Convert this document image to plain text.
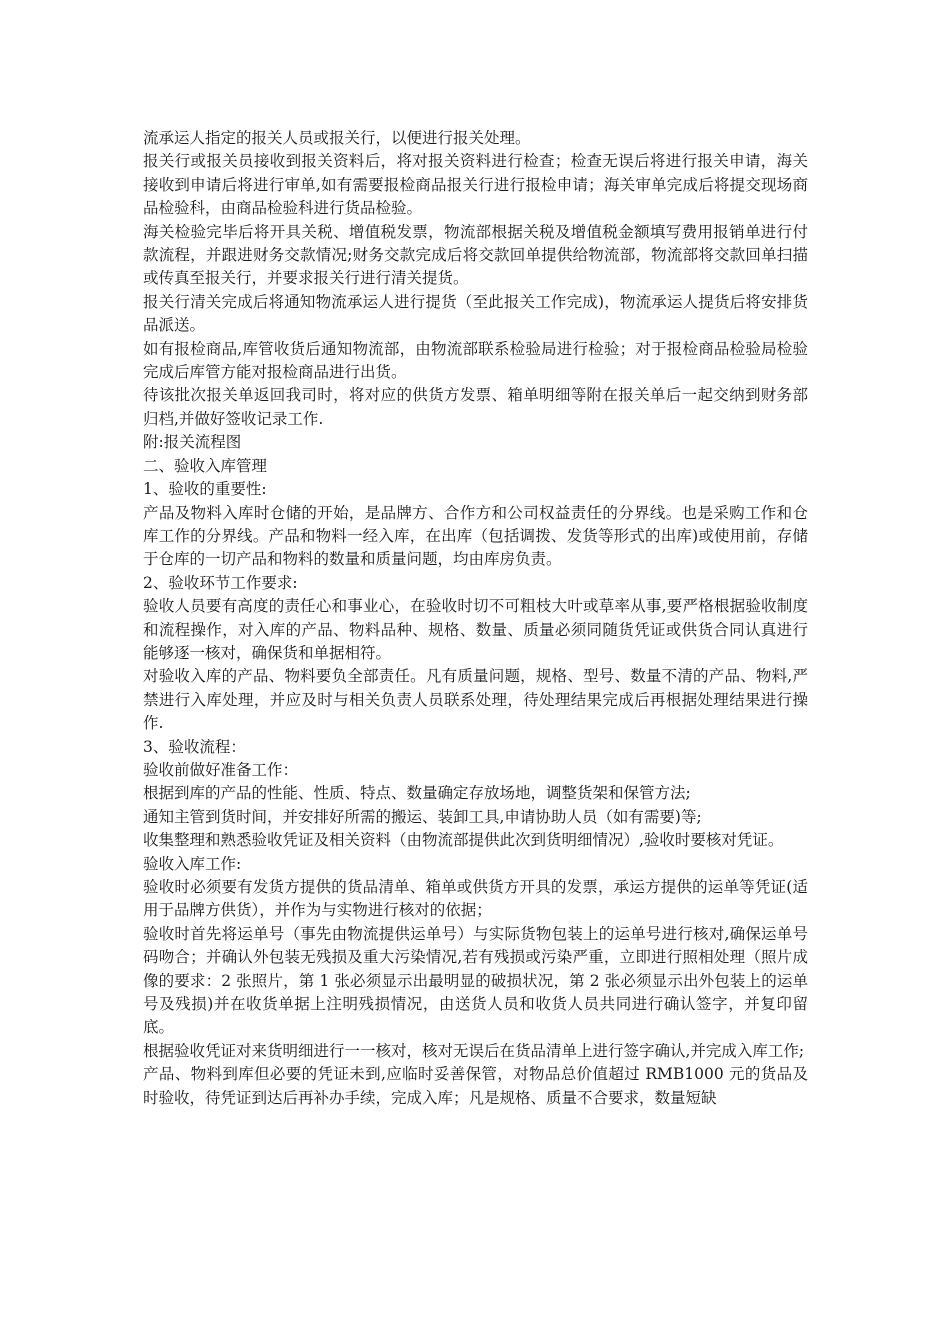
流承运人指定的报关人员或报关行，以便进行报关处理。

报关行或报关员接收到报关资料后，将对报关资料进行检查；检查无误后将进行报关申请，海关接收到申请后将进行审单,如有需要报检商品报关行进行报检申请；海关审单完成后将提交现场商品检验科，由商品检验科进行货品检验。

海关检验完毕后将开具关税、增值税发票，物流部根据关税及增值税金额填写费用报销单进行付款流程，并跟进财务交款情况;财务交款完成后将交款回单提供给物流部，物流部将交款回单扫描或传真至报关行，并要求报关行进行清关提货。

报关行清关完成后将通知物流承运人进行提货（至此报关工作完成)，物流承运人提货后将安排货品派送。

如有报检商品,库管收货后通知物流部，由物流部联系检验局进行检验；对于报检商品检验局检验完成后库管方能对报检商品进行出货。

待该批次报关单返回我司时，将对应的供货方发票、箱单明细等附在报关单后一起交纳到财务部归档,并做好签收记录工作.

附:报关流程图

二、验收入库管理

1、验收的重要性:

产品及物料入库时仓储的开始，是品牌方、合作方和公司权益责任的分界线。也是采购工作和仓库工作的分界线。产品和物料一经入库，在出库（包括调拨、发货等形式的出库)或使用前，存储于仓库的一切产品和物料的数量和质量问题，均由库房负责。

2、验收环节工作要求:

验收人员要有高度的责任心和事业心，在验收时切不可粗枝大叶或草率从事,要严格根据验收制度和流程操作，对入库的产品、物料品种、规格、数量、质量必须同随货凭证或供货合同认真进行能够逐一核对，确保货和单据相符。

对验收入库的产品、物料要负全部责任。凡有质量问题，规格、型号、数量不清的产品、物料,严禁进行入库处理，并应及时与相关负责人员联系处理，待处理结果完成后再根据处理结果进行操作.

3、验收流程：

验收前做好准备工作：

根据到库的产品的性能、性质、特点、数量确定存放场地，调整货架和保管方法;

通知主管到货时间，并安排好所需的搬运、装卸工具,申请协助人员（如有需要)等;

收集整理和熟悉验收凭证及相关资料（由物流部提供此次到货明细情况）,验收时要核对凭证。

验收入库工作:

验收时必须要有发货方提供的货品清单、箱单或供货方开具的发票，承运方提供的运单等凭证(适用于品牌方供货），并作为与实物进行核对的依据；

验收时首先将运单号（事先由物流提供运单号）与实际货物包装上的运单号进行核对,确保运单号码吻合；并确认外包装无残损及重大污染情况,若有残损或污染严重，立即进行照相处理（照片成像的要求：2 张照片，第 1 张必须显示出最明显的破损状况，第 2 张必须显示出外包装上的运单号及残损)并在收货单据上注明残损情况，由送货人员和收货人员共同进行确认签字，并复印留底。

根据验收凭证对来货明细进行一一核对，核对无误后在货品清单上进行签字确认,并完成入库工作;

产品、物料到库但必要的凭证未到,应临时妥善保管，对物品总价值超过 RMB1000 元的货品及时验收，待凭证到达后再补办手续，完成入库；凡是规格、质量不合要求，数量短缺
